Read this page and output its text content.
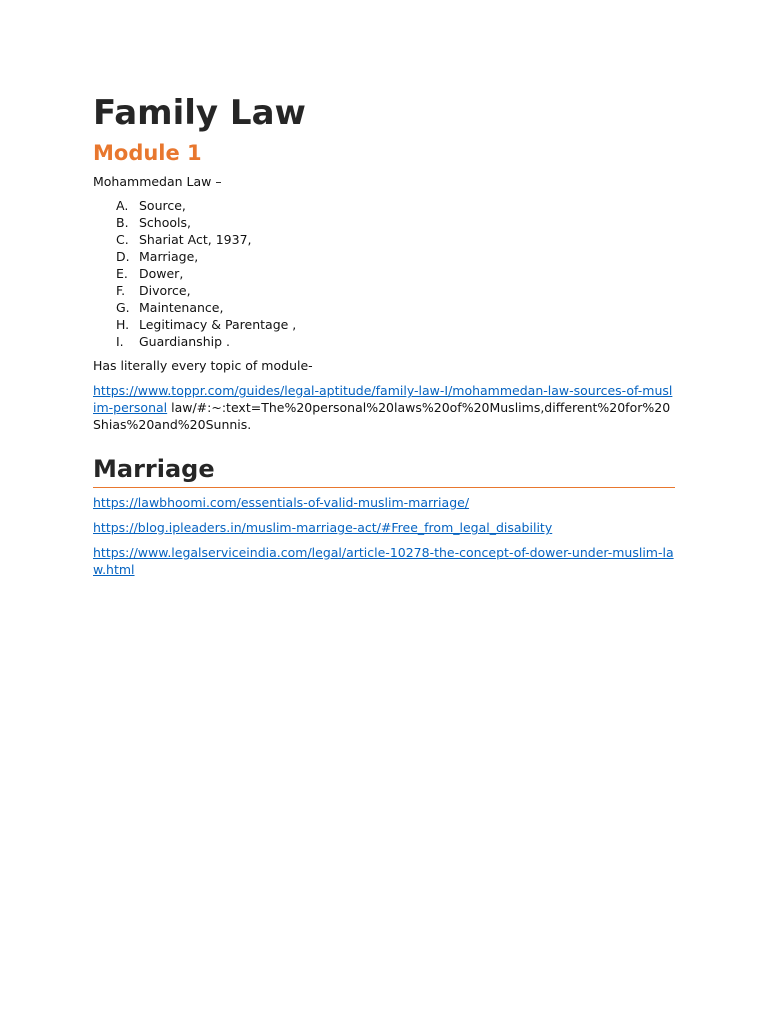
Family Law
Module 1
Mohammedan Law –
A. Source,
B. Schools,
C. Shariat Act, 1937,
D. Marriage,
E. Dower,
F. Divorce,
G. Maintenance,
H. Legitimacy & Parentage ,
I. Guardianship .
Has literally every topic of module-
https://www.toppr.com/guides/legal-aptitude/family-law-I/mohammedan-law-sources-of-muslim-personal law/#:~:text=The%20personal%20laws%20of%20Muslims,different%20for%20Shias%20and%20Sunnis.
Marriage
https://lawbhoomi.com/essentials-of-valid-muslim-marriage/
https://blog.ipleaders.in/muslim-marriage-act/#Free_from_legal_disability
https://www.legalserviceindia.com/legal/article-10278-the-concept-of-dower-under-muslim-law.html
